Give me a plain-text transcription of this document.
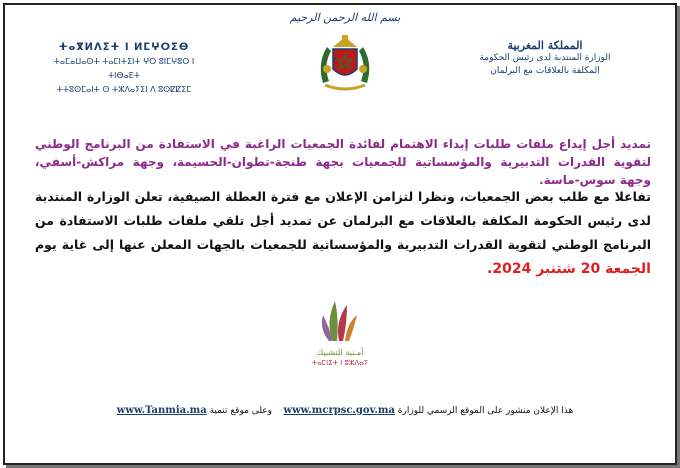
بسم الله الرحمن الرحيم
ⵜⴰⴳⵍⴷⵉⵜ ⵏ ⵍⵎⵖⵔⵉⴱ
ⵜⴰⵎⴰⵡⴰⵙⵜ ⵜⴰⵎⵏⵜⵉⵏⵜ ⵖⵔ ⵓⵏⵎⵖⵓⵔ ⵏ ⵜⵏⴱⴰⴹⵜ
ⵜⵜⵓⵙⵎⴰⵏⵜ ⵙ ⵜⵣⴷⴰⵢⵉⵏ ⴷ ⵓⵙⵇⵇⵉⵎ
المملكة المغربية
الوزارة المنتدبة لدى رئيس الحكومة
المكلفة بالعلاقات مع البرلمان
تمديد أجل إيداع ملفات طلبات إبداء الاهتمام لفائدة الجمعيات الراغبة في الاستفادة من البرنامج الوطني لتقوية القدرات التدبيرية والمؤسساتية للجمعيات بجهة طنجة-تطوان-الحسيمة، وجهة مراكش-أسفي، وجهة سوس-ماسة.
تفاعلا مع طلب بعض الجمعيات، ونظرا لتزامن الإعلان مع فترة العطلة الصيفية، تعلن الوزارة المنتدبة لدى رئيس الحكومة المكلفة بالعلاقات مع البرلمان عن تمديد أجل تلقي ملفات طلبات الاستفادة من البرنامج الوطني لتقوية القدرات التدبيرية والمؤسساتية للجمعيات بالجهات المعلن عنها إلى غاية يوم الجمعة 20 شتنبر 2024.
أمـنية للتشبيك
ⵜⴰⵎⵏⵉⵜ ⵏ ⵓⵣⴷⴰⵢ
هذا الإعلان منشور على الموقع الرسمي للوزارة www.mcrpsc.gov.ma    وعلى موقع تنمية www.Tanmia.ma
